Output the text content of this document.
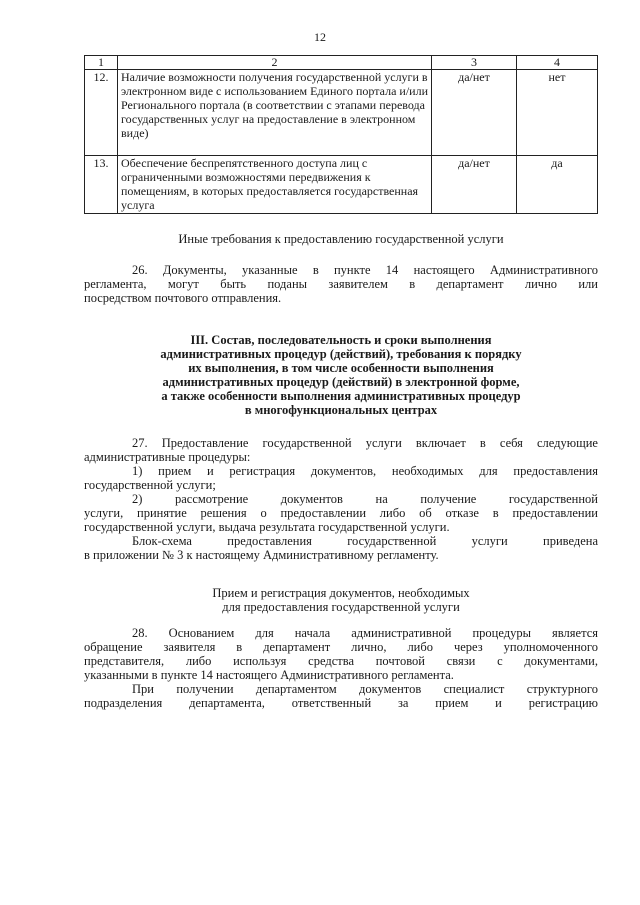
12
1	2	3	4
12.	Наличие возможности получения государственной услуги в электронном виде с использованием Единого портала и/или Регионального портала (в соответствии с этапами перевода государственных услуг на предоставление в электронном виде)	да/нет	нет
13.	Обеспечение беспрепятственного доступа лиц с ограниченными возможностями передвижения к помещениям, в которых предоставляется государственная услуга	да/нет	да
Иные требования к предоставлению государственной услуги
26. Документы, указанные в пункте 14 настоящего Административного
регламента, могут быть поданы заявителем в департамент лично или
посредством почтового отправления.
III. Состав, последовательность и сроки выполнения
административных процедур (действий), требования к порядку
их выполнения, в том числе особенности выполнения
административных процедур (действий) в электронной форме,
а также особенности выполнения административных процедур
в многофункциональных центрах
27. Предоставление государственной услуги включает в себя следующие
административные процедуры:
1) прием и регистрация документов, необходимых для предоставления
государственной услуги;
2) рассмотрение документов на получение государственной
услуги, принятие решения о предоставлении либо об отказе в предоставлении
государственной услуги, выдача результата государственной услуги.
Блок-схема предоставления государственной услуги приведена
в приложении № 3 к настоящему Административному регламенту.
Прием и регистрация документов, необходимых
для предоставления государственной услуги
28. Основанием для начала административной процедуры является
обращение заявителя в департамент лично, либо через уполномоченного
представителя, либо используя средства почтовой связи с документами,
указанными в пункте 14 настоящего Административного регламента.
При получении департаментом документов специалист структурного
подразделения департамента, ответственный за прием и регистрацию
